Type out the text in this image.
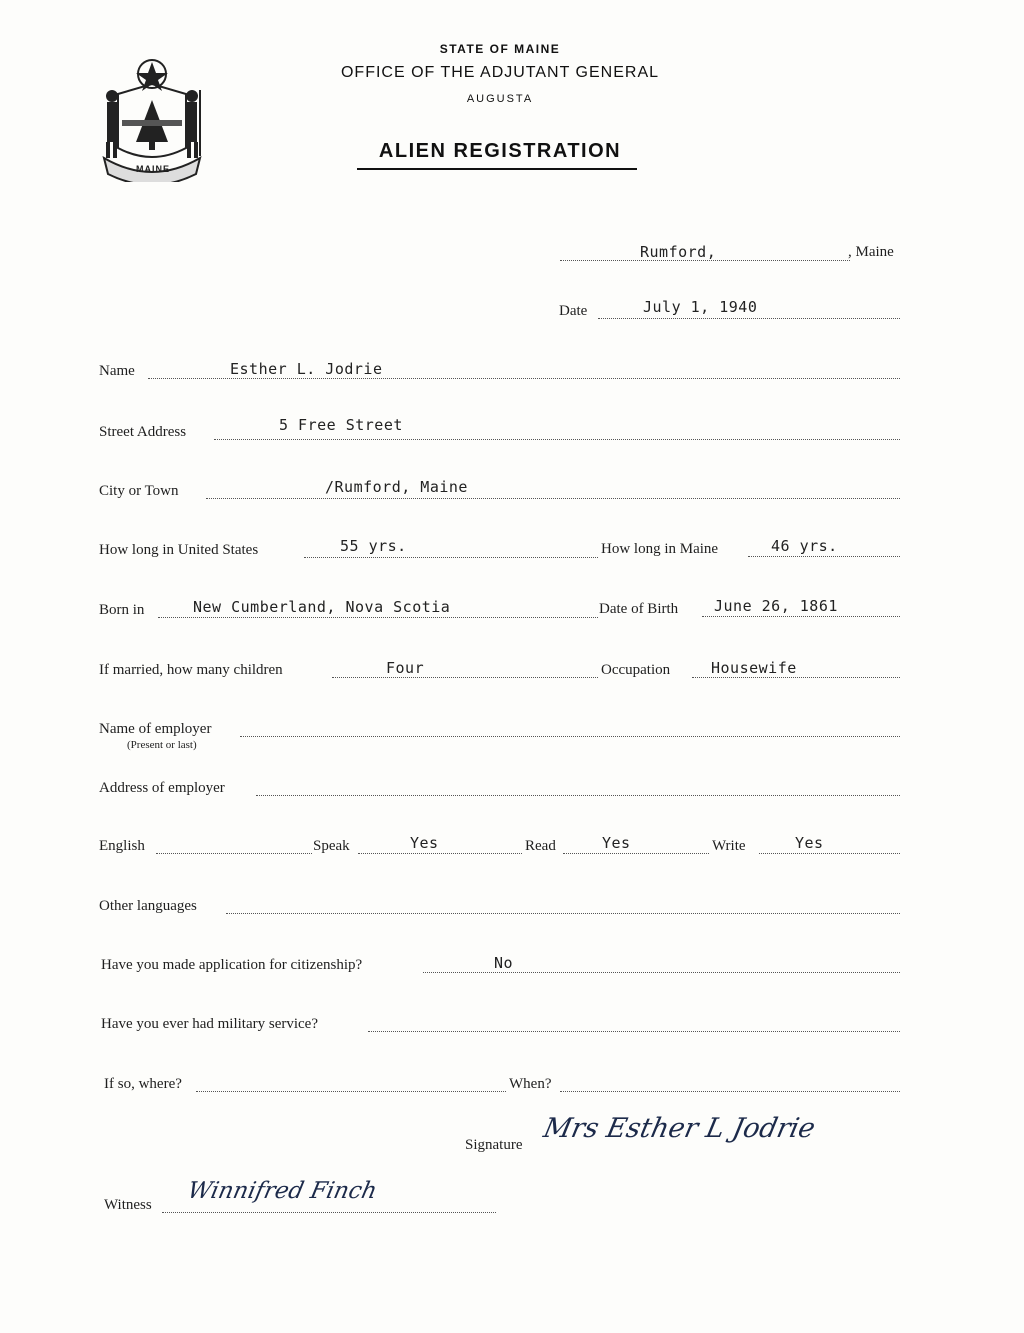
MAINE
STATE OF MAINE
OFFICE OF THE ADJUTANT GENERAL
AUGUSTA
ALIEN REGISTRATION
Rumford,	, Maine
Date	July 1, 1940
Name	Esther L. Jodrie
Street Address	5 Free Street
City or Town	/Rumford, Maine
How long in United States	55 yrs.	How long in Maine	46 yrs.
Born in	New Cumberland, Nova Scotia	Date of Birth June 26, 1861
If married, how many children	Four	Occupation	Housewife
Name of employer
(Present or last)
Address of employer
English	Speak	Yes	Read	Yes	Write	Yes
Other languages
Have you made application for citizenship?	No
Have you ever had military service?
If so, where?	When?
Signature
Mrs Esther L Jodrie
Witness
Winnifred Finch
